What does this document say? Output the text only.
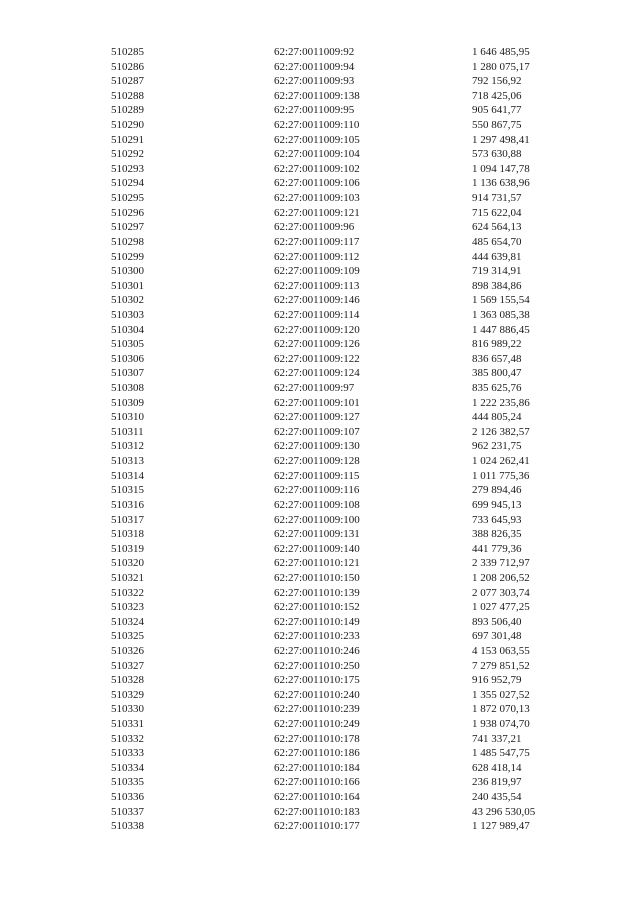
510285	62:27:0011009:92	1 646 485,95
510286	62:27:0011009:94	1 280 075,17
510287	62:27:0011009:93	792 156,92
510288	62:27:0011009:138	718 425,06
510289	62:27:0011009:95	905 641,77
510290	62:27:0011009:110	550 867,75
510291	62:27:0011009:105	1 297 498,41
510292	62:27:0011009:104	573 630,88
510293	62:27:0011009:102	1 094 147,78
510294	62:27:0011009:106	1 136 638,96
510295	62:27:0011009:103	914 731,57
510296	62:27:0011009:121	715 622,04
510297	62:27:0011009:96	624 564,13
510298	62:27:0011009:117	485 654,70
510299	62:27:0011009:112	444 639,81
510300	62:27:0011009:109	719 314,91
510301	62:27:0011009:113	898 384,86
510302	62:27:0011009:146	1 569 155,54
510303	62:27:0011009:114	1 363 085,38
510304	62:27:0011009:120	1 447 886,45
510305	62:27:0011009:126	816 989,22
510306	62:27:0011009:122	836 657,48
510307	62:27:0011009:124	385 800,47
510308	62:27:0011009:97	835 625,76
510309	62:27:0011009:101	1 222 235,86
510310	62:27:0011009:127	444 805,24
510311	62:27:0011009:107	2 126 382,57
510312	62:27:0011009:130	962 231,75
510313	62:27:0011009:128	1 024 262,41
510314	62:27:0011009:115	1 011 775,36
510315	62:27:0011009:116	279 894,46
510316	62:27:0011009:108	699 945,13
510317	62:27:0011009:100	733 645,93
510318	62:27:0011009:131	388 826,35
510319	62:27:0011009:140	441 779,36
510320	62:27:0011010:121	2 339 712,97
510321	62:27:0011010:150	1 208 206,52
510322	62:27:0011010:139	2 077 303,74
510323	62:27:0011010:152	1 027 477,25
510324	62:27:0011010:149	893 506,40
510325	62:27:0011010:233	697 301,48
510326	62:27:0011010:246	4 153 063,55
510327	62:27:0011010:250	7 279 851,52
510328	62:27:0011010:175	916 952,79
510329	62:27:0011010:240	1 355 027,52
510330	62:27:0011010:239	1 872 070,13
510331	62:27:0011010:249	1 938 074,70
510332	62:27:0011010:178	741 337,21
510333	62:27:0011010:186	1 485 547,75
510334	62:27:0011010:184	628 418,14
510335	62:27:0011010:166	236 819,97
510336	62:27:0011010:164	240 435,54
510337	62:27:0011010:183	43 296 530,05
510338	62:27:0011010:177	1 127 989,47
